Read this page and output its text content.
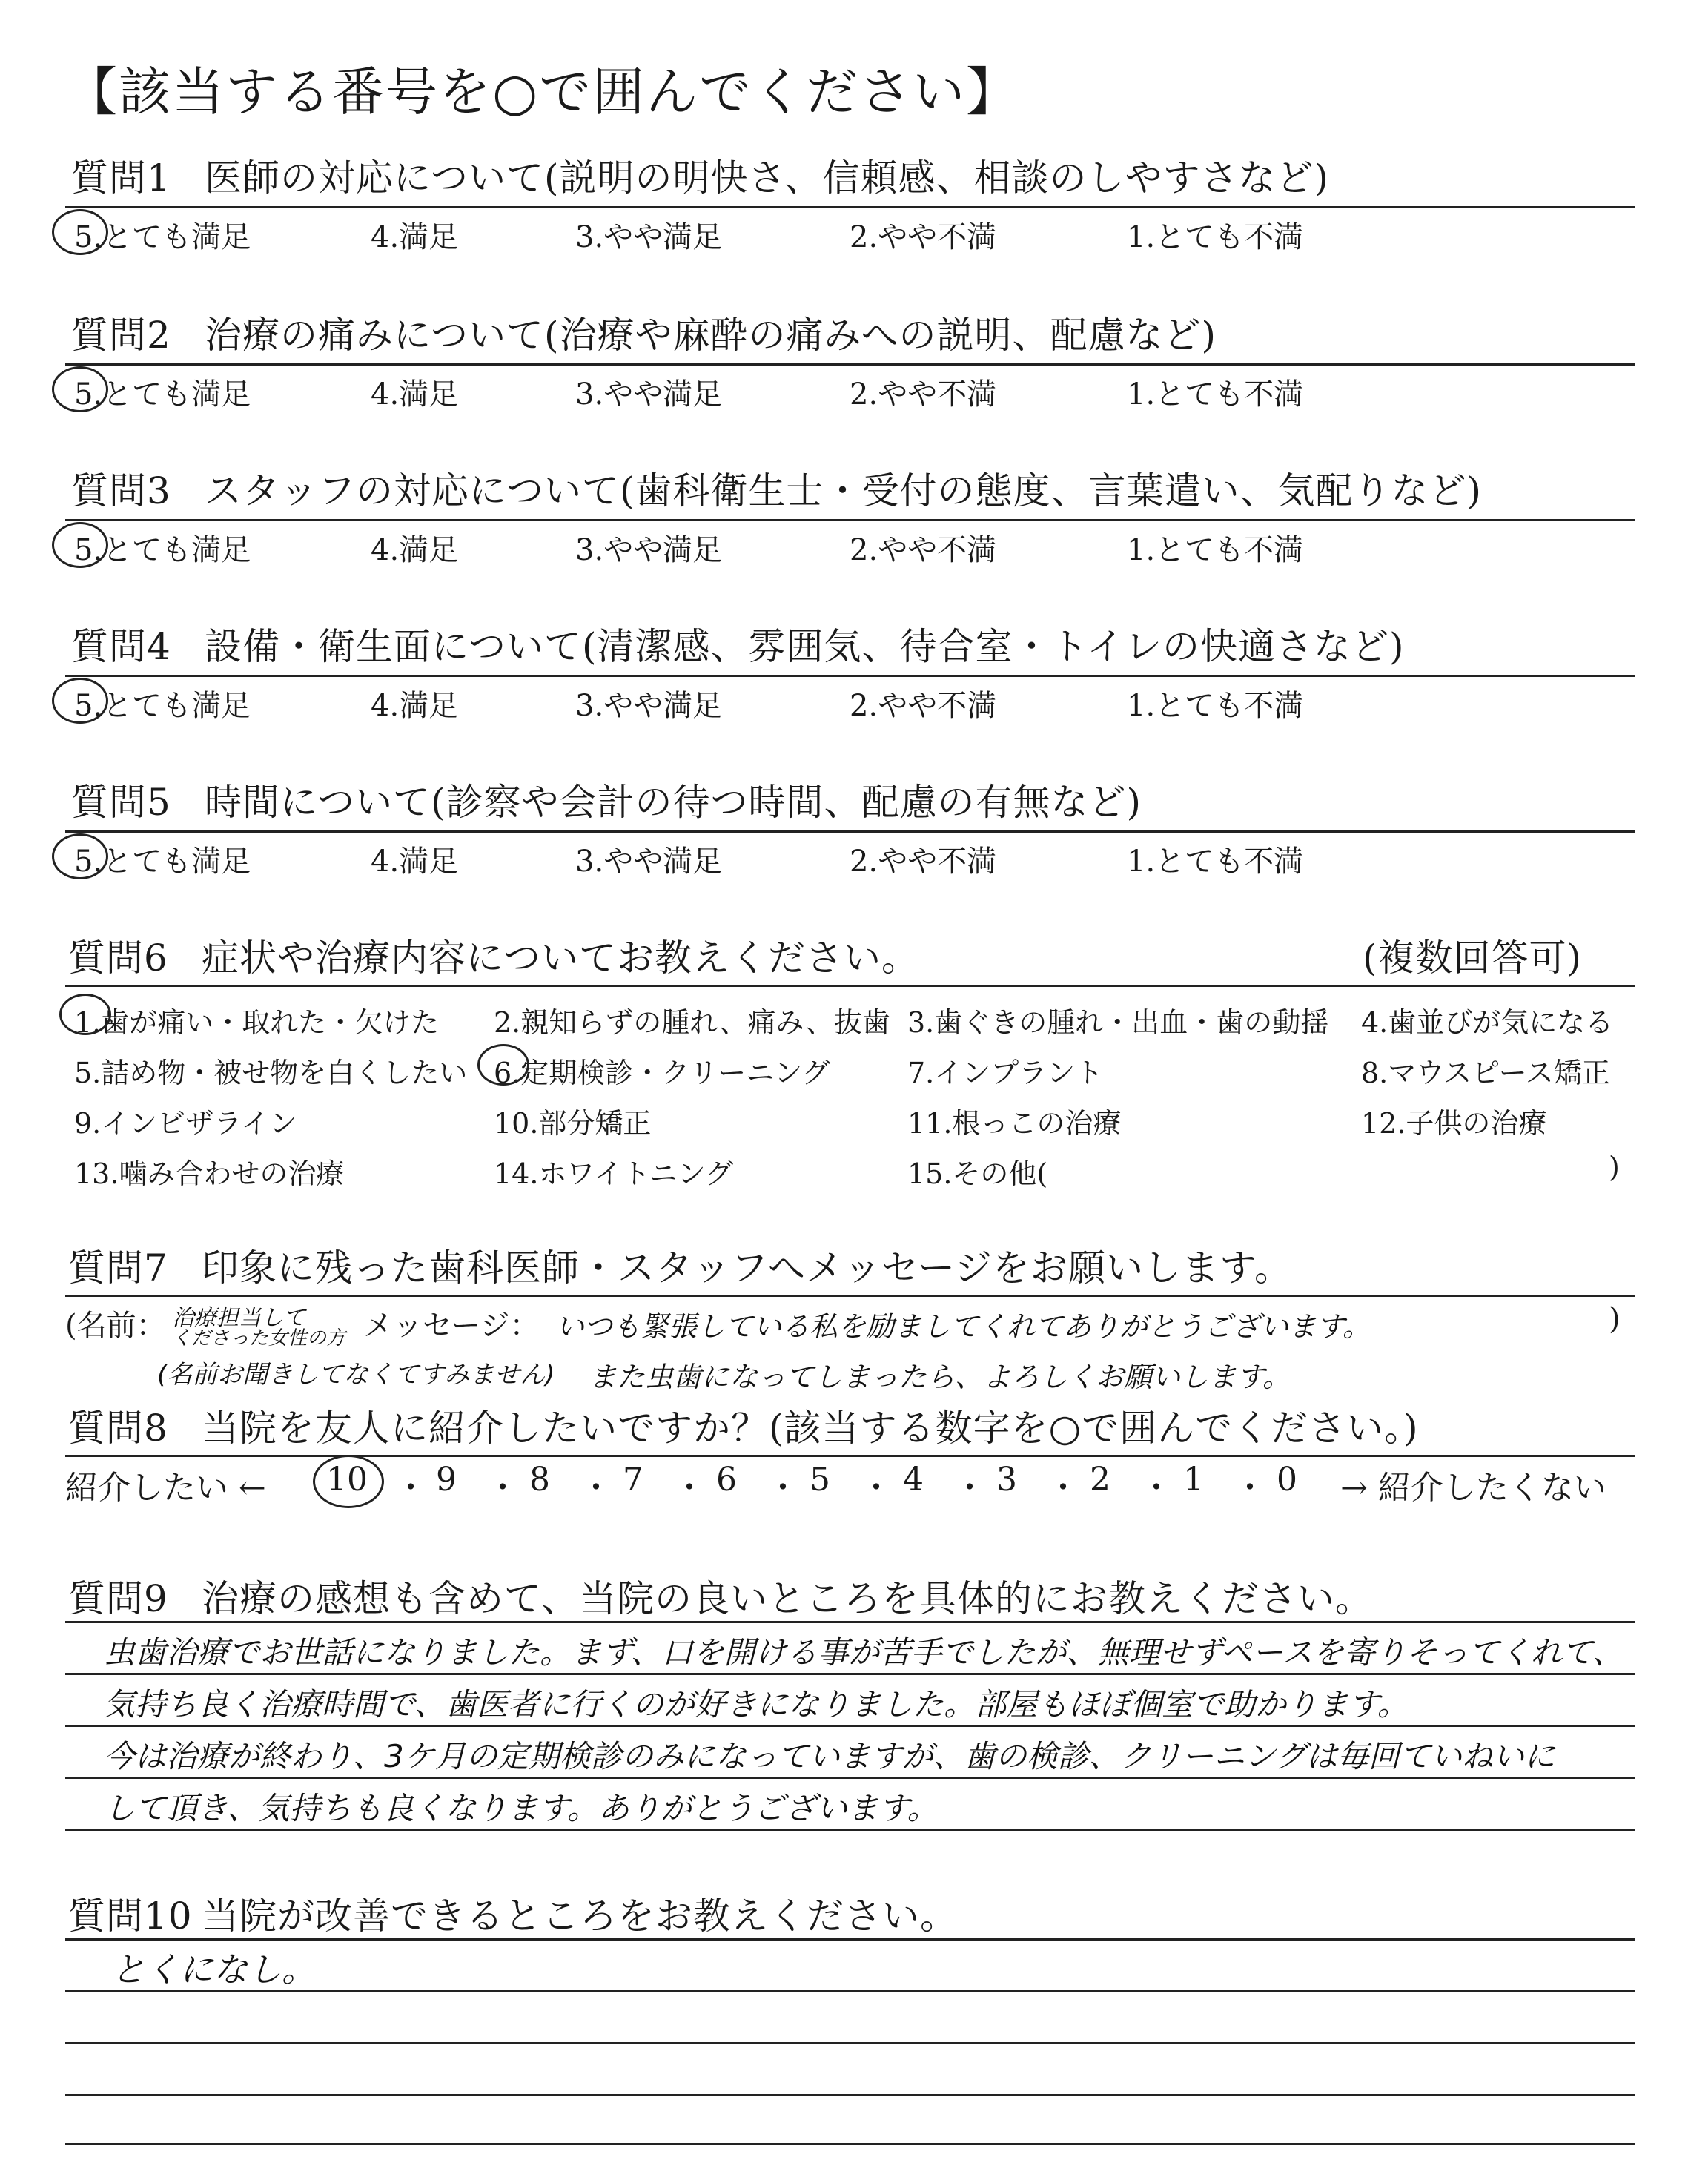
【該当する番号を○で囲んでください】
質問1 医師の対応について(説明の明快さ、信頼感、相談のしやすさなど)
5.とても満足	4.満足	3.やや満足	2.やや不満	1.とても不満
質問2 治療の痛みについて(治療や麻酔の痛みへの説明、配慮など)
5.とても満足	4.満足	3.やや満足	2.やや不満	1.とても不満
質問3 スタッフの対応について(歯科衛生士・受付の態度、言葉遣い、気配りなど)
5.とても満足	4.満足	3.やや満足	2.やや不満	1.とても不満
質問4 設備・衛生面について(清潔感、雰囲気、待合室・トイレの快適さなど)
5.とても満足	4.満足	3.やや満足	2.やや不満	1.とても不満
質問5 時間について(診察や会計の待つ時間、配慮の有無など)
5.とても満足	4.満足	3.やや満足	2.やや不満	1.とても不満
質問6 症状や治療内容についてお教えください。	(複数回答可)
1.歯が痛い・取れた・欠けた 2.親知らずの腫れ、痛み、抜歯 3.歯ぐきの腫れ・出血・歯の動揺 4.歯並びが気になる
5.詰め物・被せ物を白くしたい 6.定期検診・クリーニング	7.インプラント	8.マウスピース矯正
9.インビザライン	10.部分矯正	11.根っこの治療	12.子供の治療
13.噛み合わせの治療	14.ホワイトニング	15.その他(	)
質問7 印象に残った歯科医師・スタッフへメッセージをお願いします。
(名前： 治療担当して
くださった女性の方
(名前お聞きしてなくてすみません)
メッセージ： いつも緊張している私を励ましてくれてありがとうございます。
また虫歯になってしまったら、よろしくお願いします。
)
質問8 当院を友人に紹介したいですか？(該当する数字を○で囲んでください。)
紹介したい ← 10 ・ 9 ・ 8 ・ 7 ・ 6 ・ 5 ・ 4 ・ 3 ・ 2 ・ 1 ・ 0 → 紹介したくない
質問9 治療の感想も含めて、当院の良いところを具体的にお教えください。
虫歯治療でお世話になりました。まず、口を開ける事が苦手でしたが、無理せずペースを寄りそってくれて、
気持ち良く治療時間で、歯医者に行くのが好きになりました。部屋もほぼ個室で助かります。
今は治療が終わり、3ケ月の定期検診のみになっていますが、歯の検診、クリーニングは毎回ていねいに
して頂き、気持ちも良くなります。ありがとうございます。
質問10 当院が改善できるところをお教えください。
とくになし。
